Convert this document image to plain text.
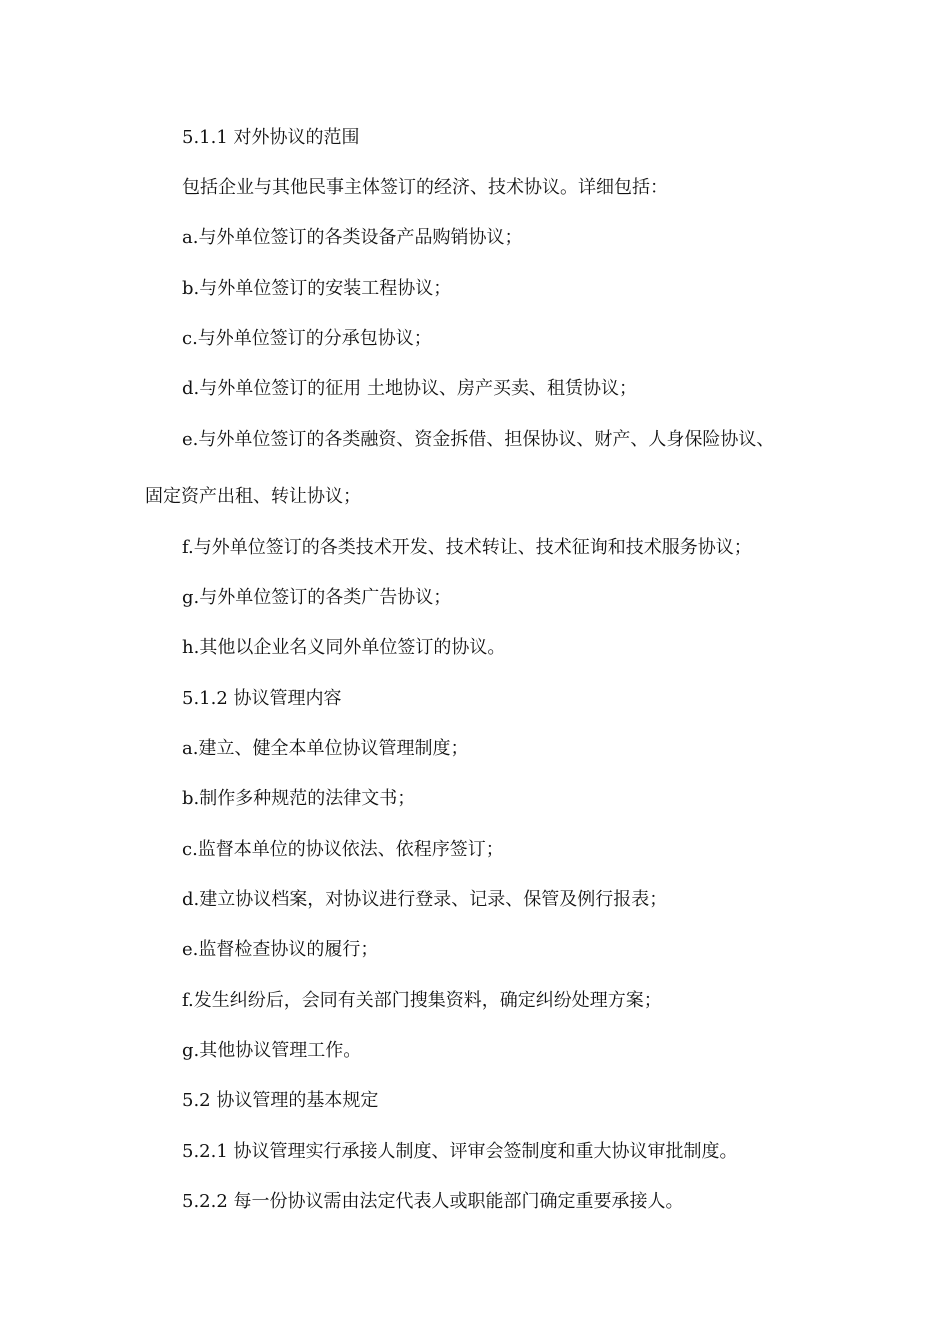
5.1.1 对外协议的范围
包括企业与其他民事主体签订的经济、技术协议。详细包括：
a.与外单位签订的各类设备产品购销协议；
b.与外单位签订的安装工程协议；
c.与外单位签订的分承包协议；
d.与外单位签订的征用 土地协议、房产买卖、租赁协议；
e.与外单位签订的各类融资、资金拆借、担保协议、财产、人身保险协议、
固定资产出租、转让协议；
f.与外单位签订的各类技术开发、技术转让、技术征询和技术服务协议；
g.与外单位签订的各类广告协议；
h.其他以企业名义同外单位签订的协议。
5.1.2 协议管理内容
a.建立、健全本单位协议管理制度；
b.制作多种规范的法律文书；
c.监督本单位的协议依法、依程序签订；
d.建立协议档案，对协议进行登录、记录、保管及例行报表；
e.监督检查协议的履行；
f.发生纠纷后，会同有关部门搜集资料，确定纠纷处理方案；
g.其他协议管理工作。
5.2 协议管理的基本规定
5.2.1 协议管理实行承接人制度、评审会签制度和重大协议审批制度。
5.2.2 每一份协议需由法定代表人或职能部门确定重要承接人。
